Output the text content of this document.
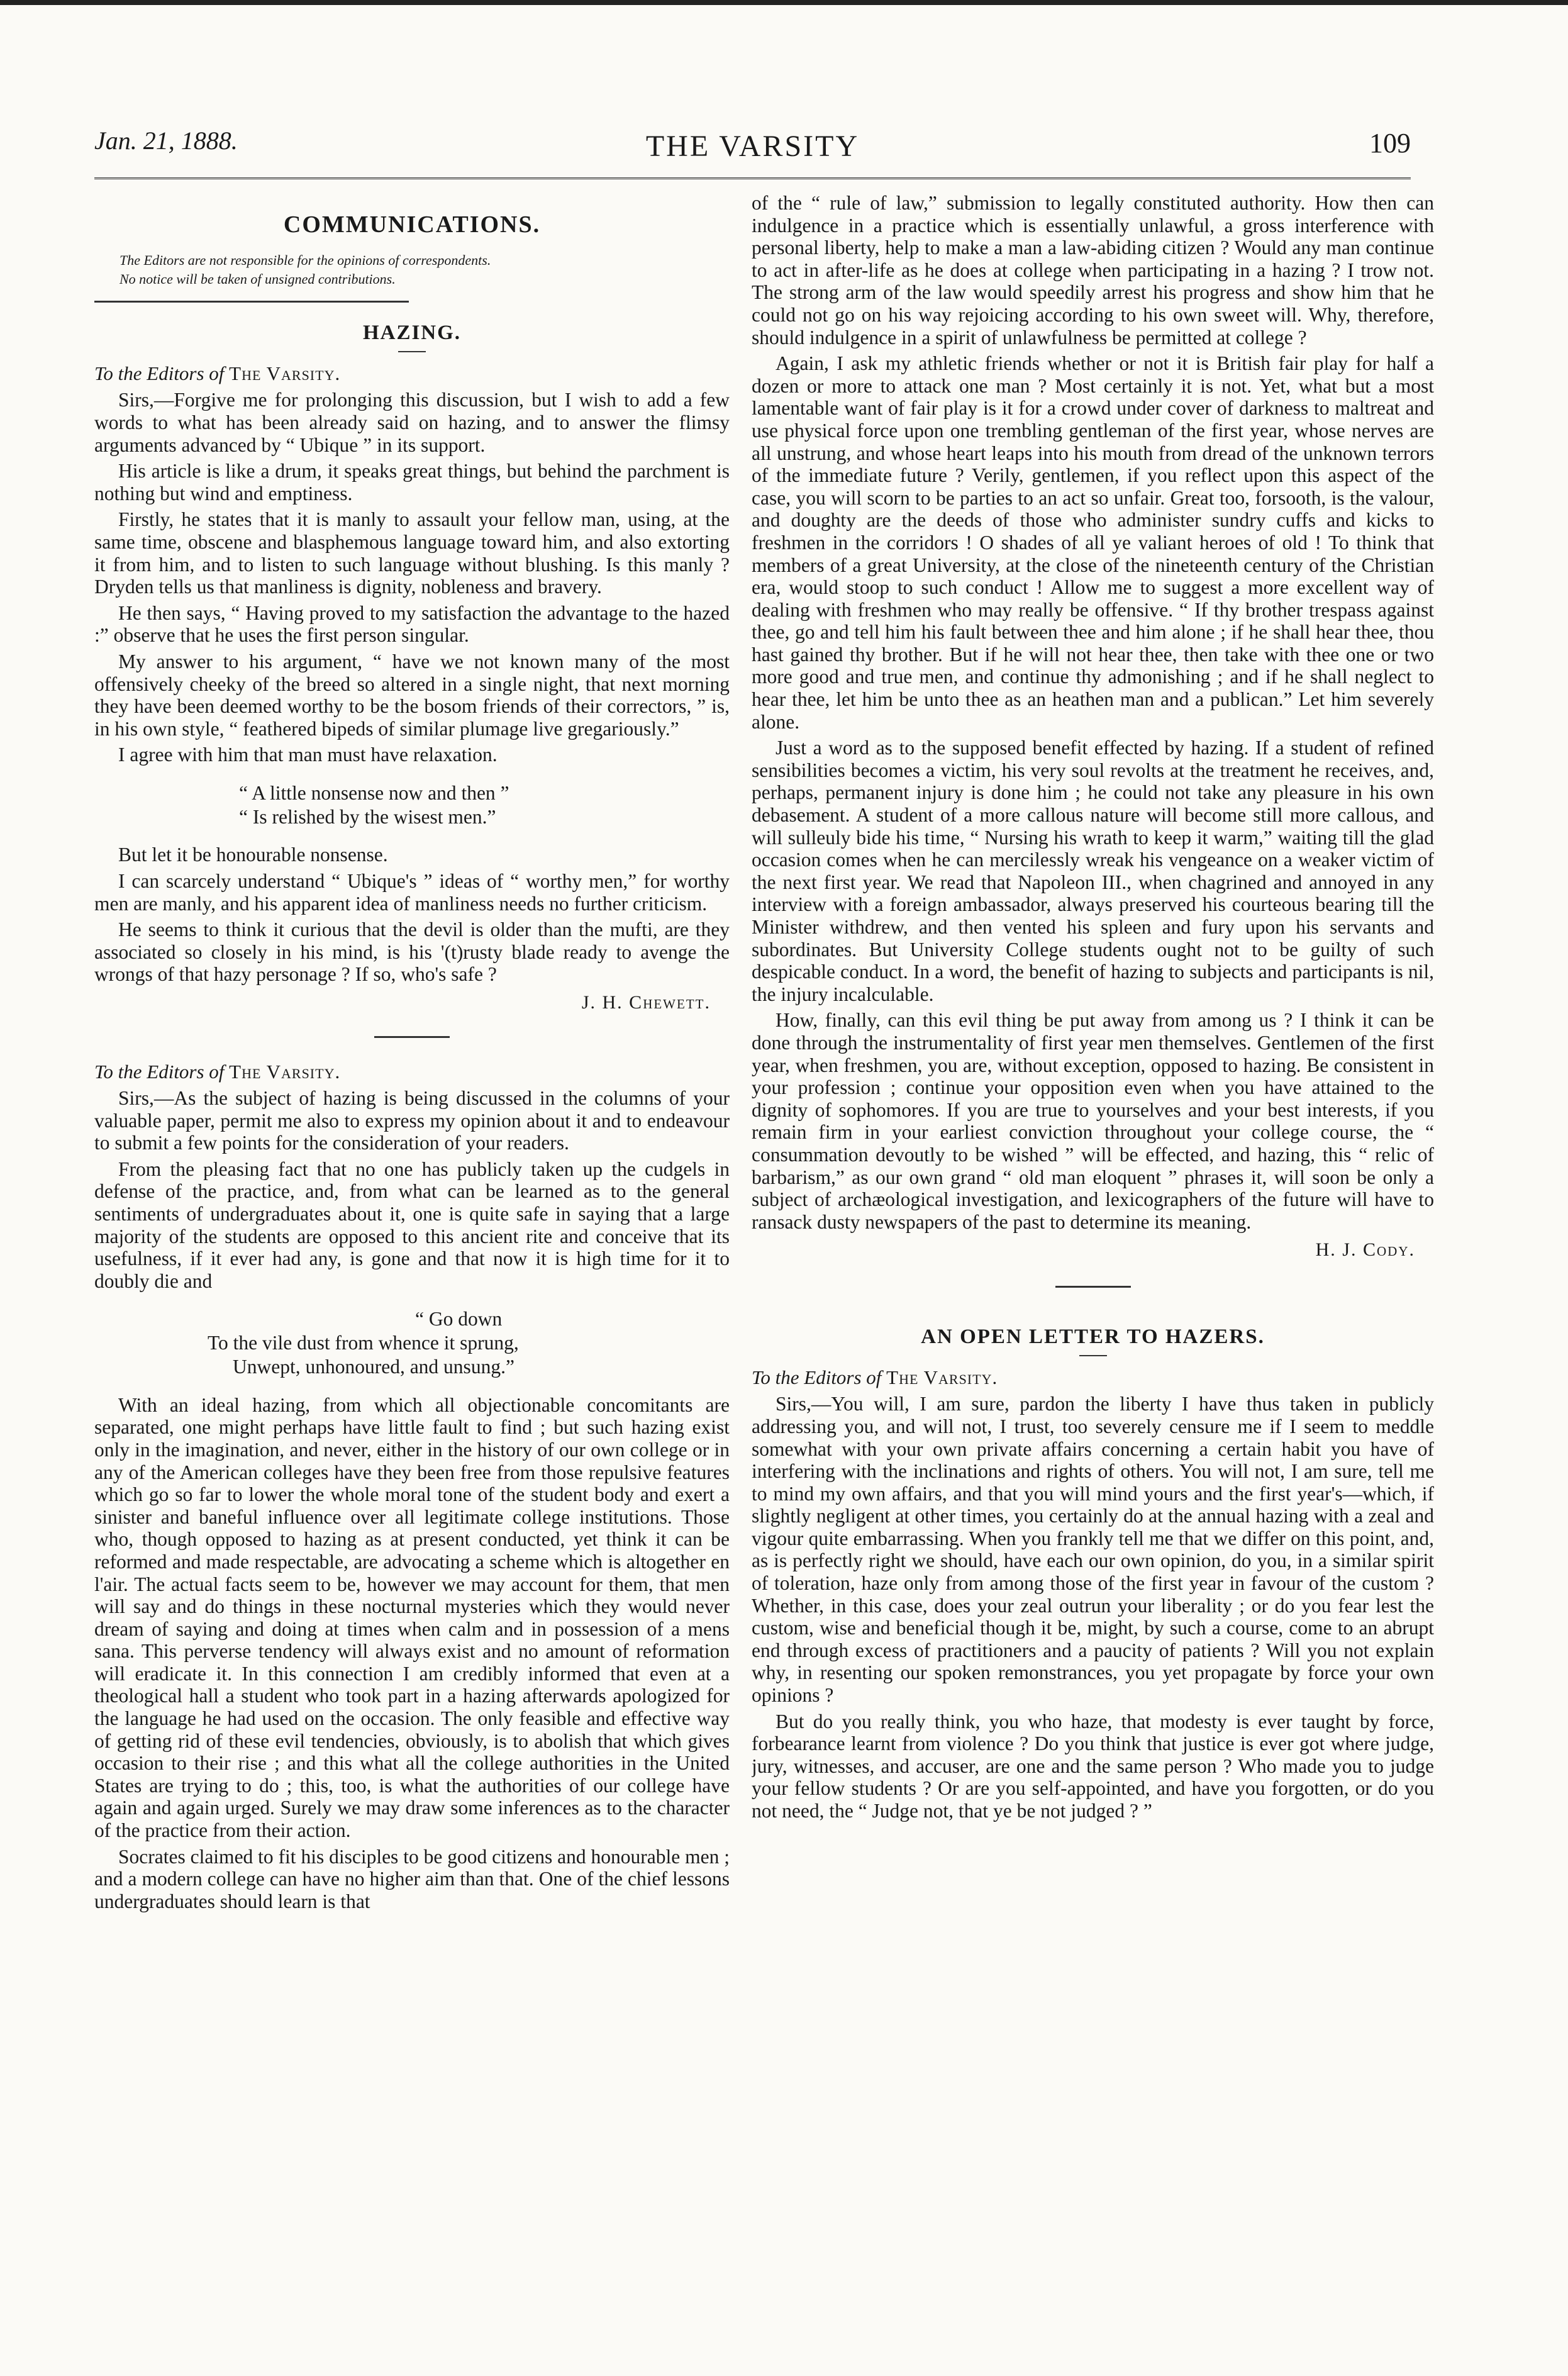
Jan. 21, 1888.	THE VARSITY	109
COMMUNICATIONS.
The Editors are not responsible for the opinions of correspondents.
No notice will be taken of unsigned contributions.
HAZING.
To the Editors of The Varsity.

Sirs,—Forgive me for prolonging this discussion, but I wish to add a few words to what has been already said on hazing, and to answer the flimsy arguments advanced by “ Ubique ” in its support.

His article is like a drum, it speaks great things, but behind the parchment is nothing but wind and emptiness.

Firstly, he states that it is manly to assault your fellow man, using, at the same time, obscene and blasphemous language toward him, and also extorting it from him, and to listen to such language without blushing. Is this manly ? Dryden tells us that manliness is dignity, nobleness and bravery.

He then says, “ Having proved to my satisfaction the advantage to the hazed :” observe that he uses the first person singular.

My answer to his argument, “ have we not known many of the most offensively cheeky of the breed so altered in a single night, that next morning they have been deemed worthy to be the bosom friends of their correctors, ” is, in his own style, “ feathered bipeds of similar plumage live gregariously.”

I agree with him that man must have relaxation.

“ A little nonsense now and then ”
“ Is relished by the wisest men.”

But let it be honourable nonsense.

I can scarcely understand “ Ubique's ” ideas of “ worthy men,” for worthy men are manly, and his apparent idea of manliness needs no further criticism.

He seems to think it curious that the devil is older than the mufti, are they associated so closely in his mind, is his '(t)rusty blade ready to avenge the wrongs of that hazy personage ? If so, who's safe ?

J. H. Chewett.
To the Editors of The Varsity.

Sirs,—As the subject of hazing is being discussed in the columns of your valuable paper, permit me also to express my opinion about it and to endeavour to submit a few points for the consideration of your readers.

From the pleasing fact that no one has publicly taken up the cudgels in defense of the practice, and, from what can be learned as to the general sentiments of undergraduates about it, one is quite safe in saying that a large majority of the students are opposed to this ancient rite and conceive that its usefulness, if it ever had any, is gone and that now it is high time for it to doubly die and

“ Go down
To the vile dust from whence it sprung,
Unwept, unhonoured, and unsung.”

With an ideal hazing, from which all objectionable concomitants are separated, one might perhaps have little fault to find ; but such hazing exist only in the imagination, and never, either in the history of our own college or in any of the American colleges have they been free from those repulsive features which go so far to lower the whole moral tone of the student body and exert a sinister and baneful influence over all legitimate college institutions. Those who, though opposed to hazing as at present conducted, yet think it can be reformed and made respectable, are advocating a scheme which is altogether en l'air. The actual facts seem to be, however we may account for them, that men will say and do things in these nocturnal mysteries which they would never dream of saying and doing at times when calm and in possession of a mens sana. This perverse tendency will always exist and no amount of reformation will eradicate it. In this connection I am credibly informed that even at a theological hall a student who took part in a hazing afterwards apologized for the language he had used on the occasion. The only feasible and effective way of getting rid of these evil tendencies, obviously, is to abolish that which gives occasion to their rise ; and this what all the college authorities in the United States are trying to do ; this, too, is what the authorities of our college have again and again urged. Surely we may draw some inferences as to the character of the practice from their action.

Socrates claimed to fit his disciples to be good citizens and honourable men ; and a modern college can have no higher aim than that. One of the chief lessons undergraduates should learn is that

of the “ rule of law,” submission to legally constituted authority. How then can indulgence in a practice which is essentially unlawful, a gross interference with personal liberty, help to make a man a law-abiding citizen ? Would any man continue to act in after-life as he does at college when participating in a hazing ? I trow not. The strong arm of the law would speedily arrest his progress and show him that he could not go on his way rejoicing according to his own sweet will. Why, therefore, should indulgence in a spirit of unlawfulness be permitted at college ?

Again, I ask my athletic friends whether or not it is British fair play for half a dozen or more to attack one man ? Most certainly it is not. Yet, what but a most lamentable want of fair play is it for a crowd under cover of darkness to maltreat and use physical force upon one trembling gentleman of the first year, whose nerves are all unstrung, and whose heart leaps into his mouth from dread of the unknown terrors of the immediate future ? Verily, gentlemen, if you reflect upon this aspect of the case, you will scorn to be parties to an act so unfair. Great too, forsooth, is the valour, and doughty are the deeds of those who administer sundry cuffs and kicks to freshmen in the corridors ! O shades of all ye valiant heroes of old ! To think that members of a great University, at the close of the nineteenth century of the Christian era, would stoop to such conduct ! Allow me to suggest a more excellent way of dealing with freshmen who may really be offensive. “ If thy brother trespass against thee, go and tell him his fault between thee and him alone ; if he shall hear thee, thou hast gained thy brother. But if he will not hear thee, then take with thee one or two more good and true men, and continue thy admonishing ; and if he shall neglect to hear thee, let him be unto thee as an heathen man and a publican.” Let him severely alone.

Just a word as to the supposed benefit effected by hazing. If a student of refined sensibilities becomes a victim, his very soul revolts at the treatment he receives, and, perhaps, permanent injury is done him ; he could not take any pleasure in his own debasement. A student of a more callous nature will become still more callous, and will sulleuly bide his time, “ Nursing his wrath to keep it warm,” waiting till the glad occasion comes when he can mercilessly wreak his vengeance on a weaker victim of the next first year. We read that Napoleon III., when chagrined and annoyed in any interview with a foreign ambassador, always preserved his courteous bearing till the Minister withdrew, and then vented his spleen and fury upon his servants and subordinates. But University College students ought not to be guilty of such despicable conduct. In a word, the benefit of hazing to subjects and participants is nil, the injury incalculable.

How, finally, can this evil thing be put away from among us ? I think it can be done through the instrumentality of first year men themselves. Gentlemen of the first year, when freshmen, you are, without exception, opposed to hazing. Be consistent in your profession ; continue your opposition even when you have attained to the dignity of sophomores. If you are true to yourselves and your best interests, if you remain firm in your earliest conviction throughout your college course, the “ consummation devoutly to be wished ” will be effected, and hazing, this “ relic of barbarism,” as our own grand “ old man eloquent ” phrases it, will soon be only a subject of archæological investigation, and lexicographers of the future will have to ransack dusty newspapers of the past to determine its meaning.

H. J. Cody.
AN OPEN LETTER TO HAZERS.
To the Editors of The Varsity.

Sirs,—You will, I am sure, pardon the liberty I have thus taken in publicly addressing you, and will not, I trust, too severely censure me if I seem to meddle somewhat with your own private affairs concerning a certain habit you have of interfering with the inclinations and rights of others. You will not, I am sure, tell me to mind my own affairs, and that you will mind yours and the first year's—which, if slightly negligent at other times, you certainly do at the annual hazing with a zeal and vigour quite embarrassing. When you frankly tell me that we differ on this point, and, as is perfectly right we should, have each our own opinion, do you, in a similar spirit of toleration, haze only from among those of the first year in favour of the custom ? Whether, in this case, does your zeal outrun your liberality ; or do you fear lest the custom, wise and beneficial though it be, might, by such a course, come to an abrupt end through excess of practitioners and a paucity of patients ? Will you not explain why, in resenting our spoken remonstrances, you yet propagate by force your own opinions ?

But do you really think, you who haze, that modesty is ever taught by force, forbearance learnt from violence ? Do you think that justice is ever got where judge, jury, witnesses, and accuser, are one and the same person ? Who made you to judge your fellow students ? Or are you self-appointed, and have you forgotten, or do you not need, the “ Judge not, that ye be not judged ? ”
